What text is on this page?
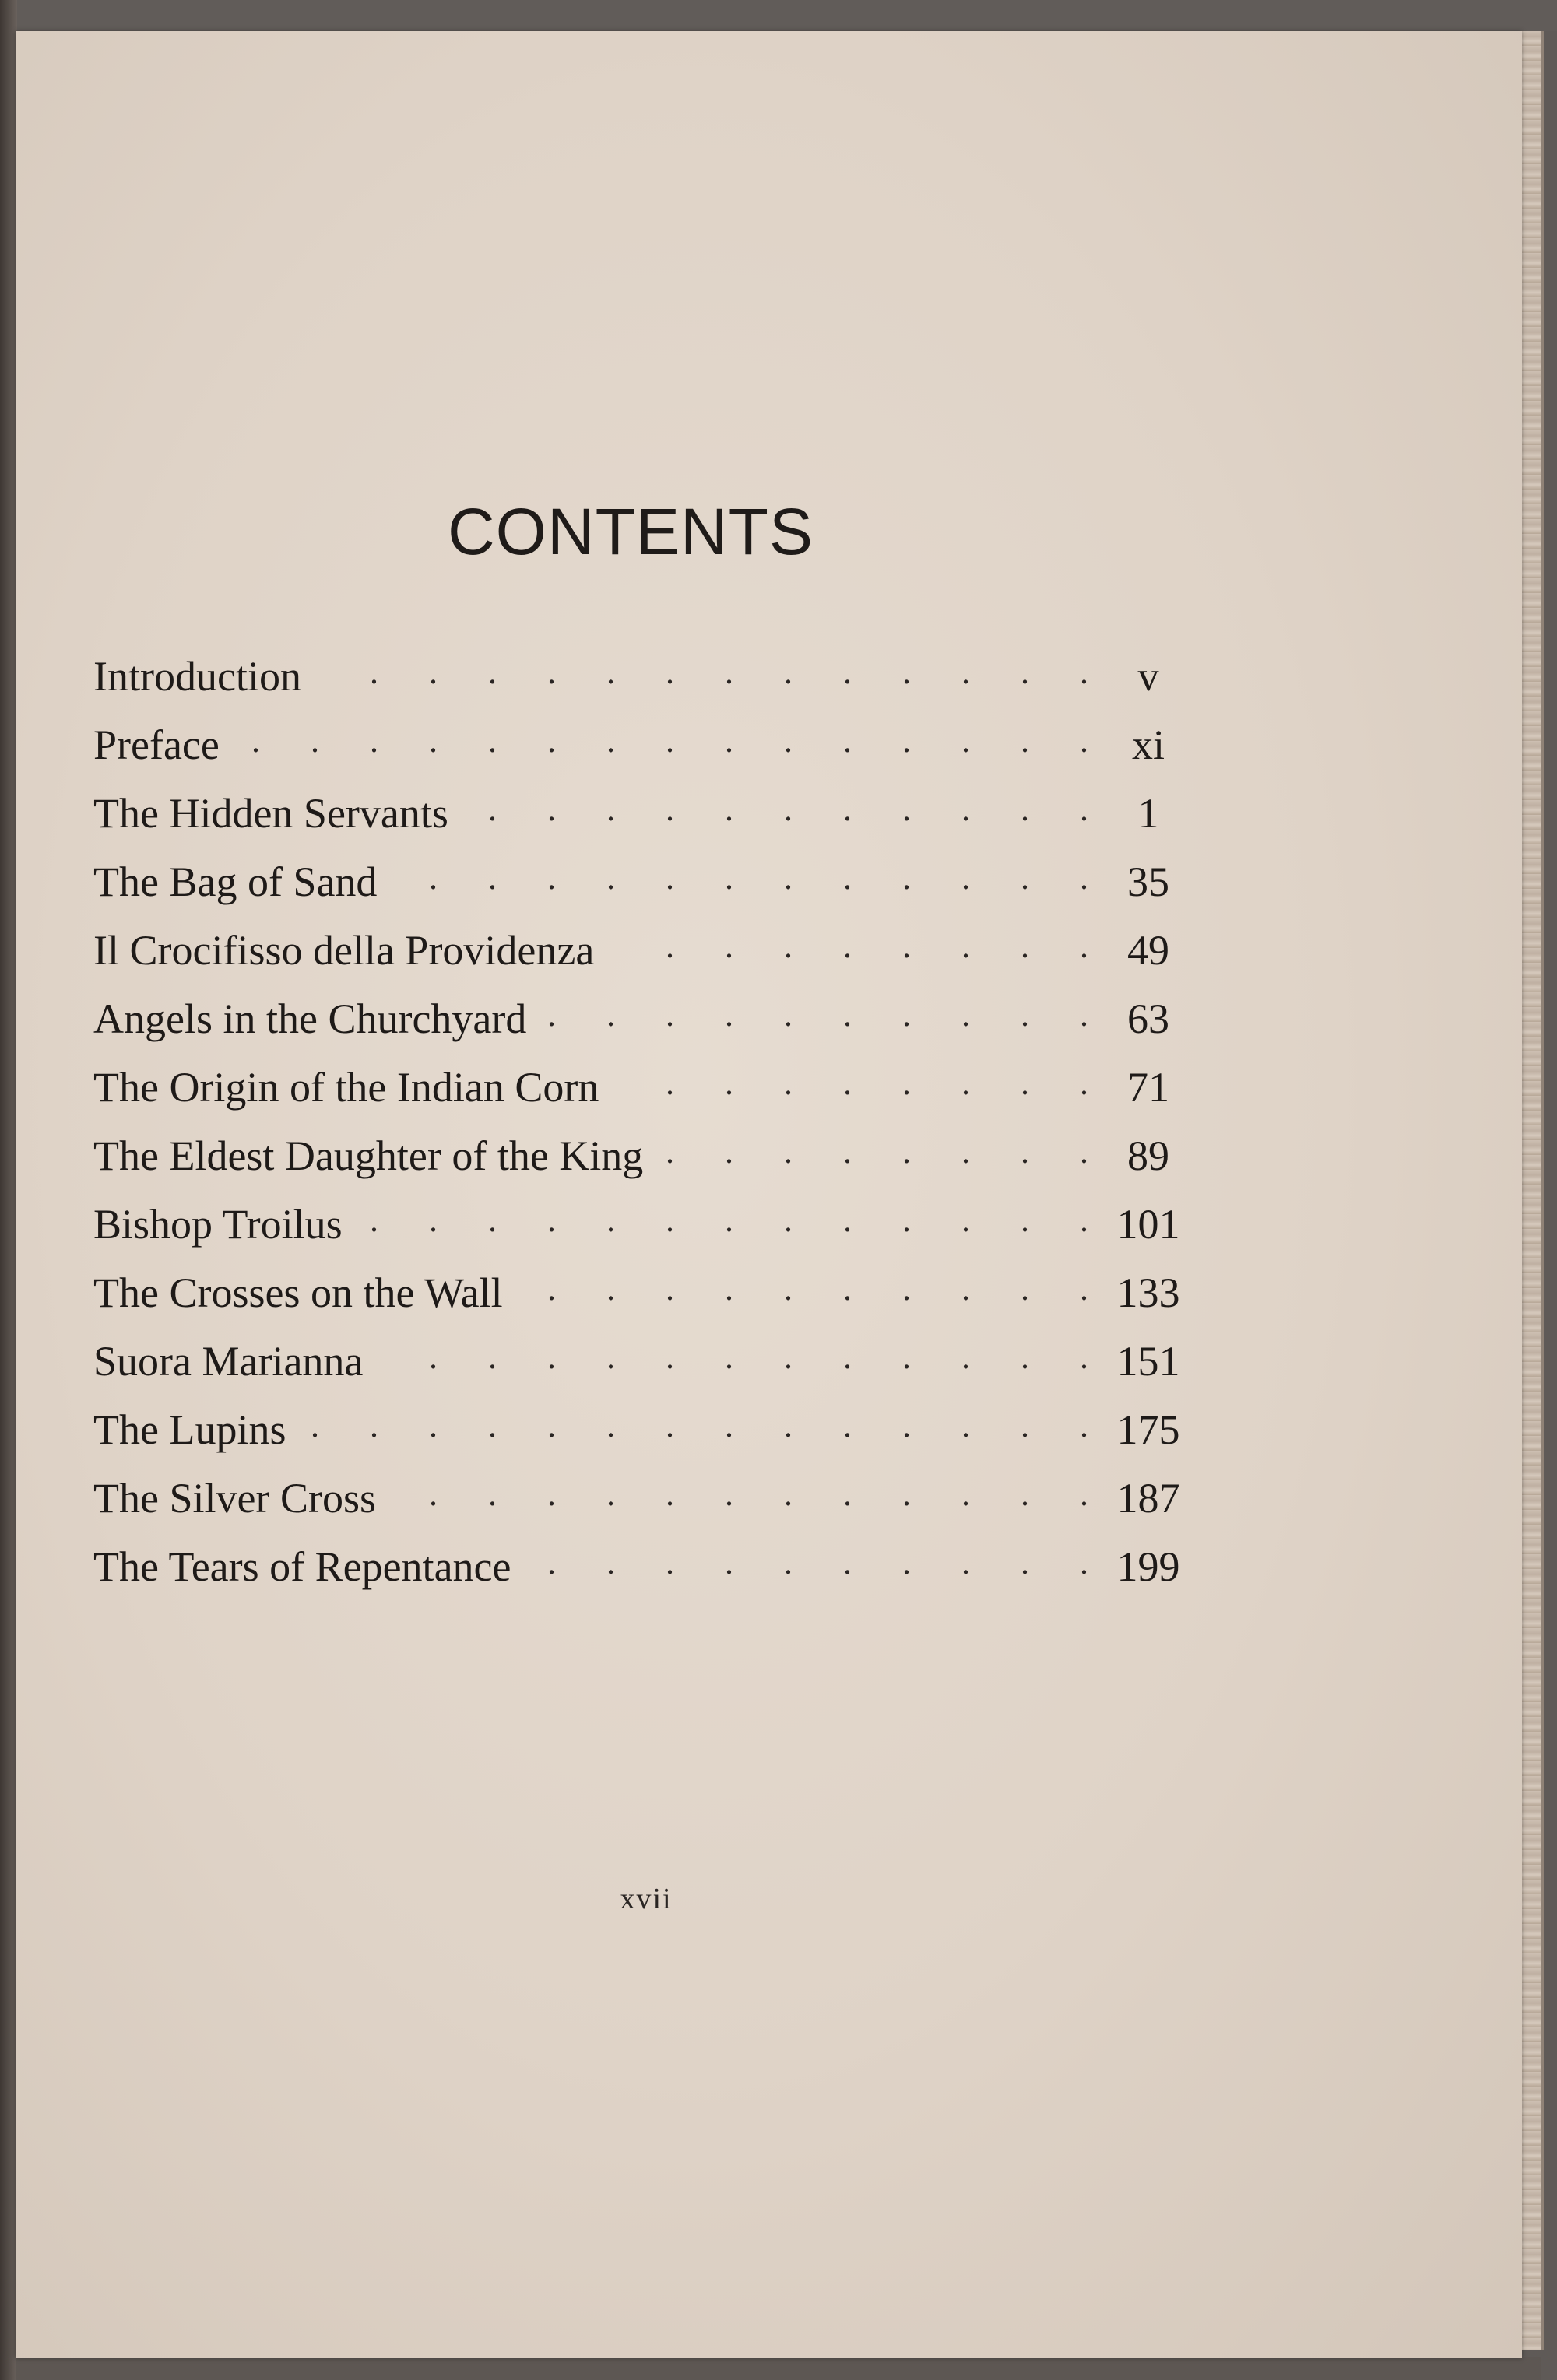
CONTENTS
Introduction . . . . . . . . . . . . . v
Preface . . . . . . . . . . . . . . . xi
The Hidden Servants . . . . . . . . . . . 1
The Bag of Sand . . . . . . . . . . . . 35
Il Crocifisso della Providenza . . . . . . . . 49
Angels in the Churchyard . . . . . . . . . . 63
The Origin of the Indian Corn . . . . . . . . 71
The Eldest Daughter of the King . . . . . . . . 89
Bishop Troilus . . . . . . . . . . . . . 101
The Crosses on the Wall . . . . . . . . . . 133
Suora Marianna . . . . . . . . . . . . 151
The Lupins . . . . . . . . . . . . . . 175
The Silver Cross . . . . . . . . . . . . 187
The Tears of Repentance . . . . . . . . . . 199
xvii
